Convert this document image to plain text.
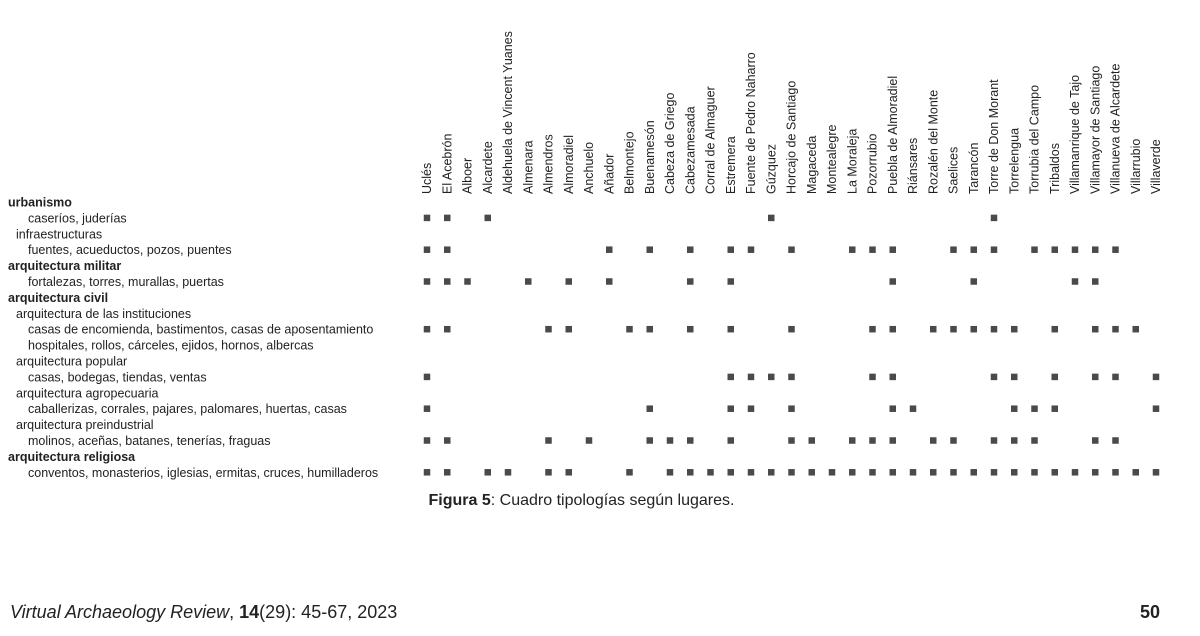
Uclés El Acebrón Alboer Alcardete Aldehuela de Vincent Yuanes Almenara Almendros Almoradiel Anchuelo Añador Belmontejo Buenamesón Cabeza de Griego Cabezamesada Corral de Almaguer Estremera Fuente de Pedro Naharro Gúzquez Horcajo de Santiago Magaceda Montealegre La Moraleja Pozorrubio Puebla de Almoradiel Riánsares Rozalén del Monte Saelices Tarancón Torre de Don Morant Torrelengua Torrubia del Campo Tribaldos Villamanrique de Tajo Villamayor de Santiago Villanueva de Alcardete Villarrubio Villaverde
urbanismo
caseríos, juderías
infraestructuras
fuentes, acueductos, pozos, puentes
arquitectura militar
fortalezas, torres, murallas, puertas
arquitectura civil
arquitectura de las instituciones
casas de encomienda, bastimentos, casas de aposentamiento
hospitales, rollos, cárceles, ejidos, hornos, albercas
arquitectura popular
casas, bodegas, tiendas, ventas
arquitectura agropecuaria
caballerizas, corrales, pajares, palomares, huertas, casas
arquitectura preindustrial
molinos, aceñas, batanes, tenerías, fraguas
arquitectura religiosa
conventos, monasterios, iglesias, ermitas, cruces, humilladeros
Figura 5: Cuadro tipologías según lugares.
Virtual Archaeology Review, 14(29): 45-67, 2023	50
